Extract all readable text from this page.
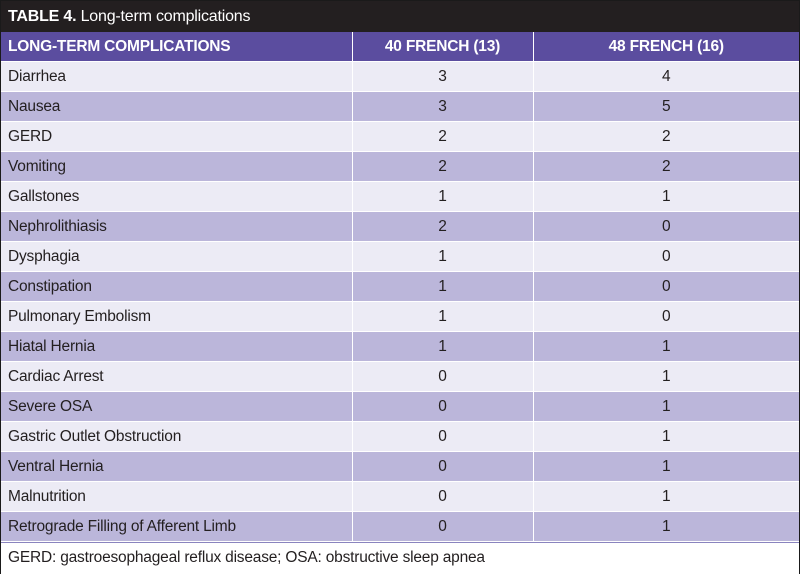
TABLE 4. Long-term complications
LONG-TERM COMPLICATIONS	40 FRENCH (13)	48 FRENCH (16)
Diarrhea	3	4
Nausea	3	5
GERD	2	2
Vomiting	2	2
Gallstones	1	1
Nephrolithiasis	2	0
Dysphagia	1	0
Constipation	1	0
Pulmonary Embolism	1	0
Hiatal Hernia	1	1
Cardiac Arrest	0	1
Severe OSA	0	1
Gastric Outlet Obstruction	0	1
Ventral Hernia	0	1
Malnutrition	0	1
Retrograde Filling of Afferent Limb	0	1
GERD: gastroesophageal reflux disease; OSA: obstructive sleep apnea
